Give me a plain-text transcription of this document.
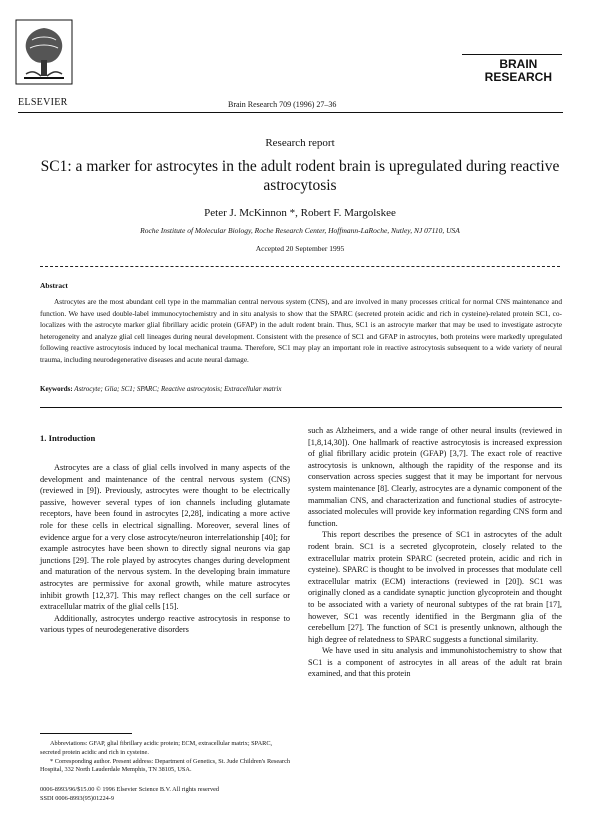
ELSEVIER
BRAIN
RESEARCH
Brain Research 709 (1996) 27–36
Research report
SC1: a marker for astrocytes in the adult rodent brain is upregulated during reactive astrocytosis
Peter J. McKinnon *, Robert F. Margolskee
Roche Institute of Molecular Biology, Roche Research Center, Hoffmann-LaRoche, Nutley, NJ 07110, USA
Accepted 20 September 1995
Abstract
Astrocytes are the most abundant cell type in the mammalian central nervous system (CNS), and are involved in many processes critical for normal CNS maintenance and function. We have used double-label immunocytochemistry and in situ analysis to show that the SPARC (secreted protein acidic and rich in cysteine)-related protein SC1, co-localizes with the astrocyte marker glial fibrillary acidic protein (GFAP) in the adult rodent brain. Thus, SC1 is an astrocyte marker that may be used to investigate astrocyte heterogeneity and analyze glial cell lineages during neural development. Consistent with the presence of SC1 and GFAP in astrocytes, both proteins were markedly upregulated following reactive astrocytosis induced by local mechanical trauma. Therefore, SC1 may play an important role in reactive astrocytosis subsequent to a wide variety of neural trauma, including neurodegenerative diseases and acute neural damage.
Keywords: Astrocyte; Glia; SC1; SPARC; Reactive astrocytosis; Extracellular matrix
1. Introduction

Astrocytes are a class of glial cells involved in many aspects of the development and maintenance of the central nervous system (CNS) (reviewed in [9]). Previously, astrocytes were thought to be electrically passive, however several types of ion channels including glutamate receptors, have been found in astrocytes [2,28], indicating a more active role for these cells in electrical signalling. Moreover, several lines of evidence argue for a very close astrocyte/neuron interrelationship [40]; for example astrocytes have been shown to directly signal neurons via gap junctions [29]. The role played by astrocytes changes during development and maturation of the nervous system. In the developing brain immature astrocytes are permissive for axonal growth, while mature astrocytes inhibit growth [12,37]. This may reflect changes on the cell surface or extracellular matrix of the glial cells [15].

Additionally, astrocytes undergo reactive astrocytosis in response to various types of neurodegenerative disorders

such as Alzheimers, and a wide range of other neural insults (reviewed in [1,8,14,30]). One hallmark of reactive astrocytosis is increased expression of glial fibrillary acidic protein (GFAP) [3,7]. The exact role of reactive astrocytosis is unknown, although the rapidity of the response and its conservation across species suggest that it may be important for nervous system maintenance [8]. Clearly, astrocytes are a dynamic component of the mammalian CNS, and characterization and functional studies of astrocyte-associated molecules will provide key information regarding CNS form and function.

This report describes the presence of SC1 in astrocytes of the adult rodent brain. SC1 is a secreted glycoprotein, closely related to the extracellular matrix protein SPARC (secreted protein, acidic and rich in cysteine). SPARC is thought to be involved in processes that modulate cell extracellular matrix (ECM) interactions (reviewed in [20]). SC1 was originally cloned as a candidate synaptic junction glycoprotein and thought to be associated with a variety of neuronal subtypes of the rat brain [17], however, SC1 was recently identified in the Bergmann glia of the cerebellum [27]. The function of SC1 is presently unknown, although the high degree of relatedness to SPARC suggests a functional similarity.

We have used in situ analysis and immunohistochemistry to show that SC1 is a component of astrocytes in all areas of the adult rat brain examined, and that this protein

Abbreviations: GFAP, glial fibrillary acidic protein; ECM, extracellular matrix; SPARC, secreted protein acidic and rich in cysteine.

* Corresponding author. Present address: Department of Genetics, St. Jude Children's Research Hospital, 332 North Lauderdale Memphis, TN 38105, USA.

0006-8993/96/$15.00 © 1996 Elsevier Science B.V. All rights reserved
SSDI 0006-8993(95)01224-9
